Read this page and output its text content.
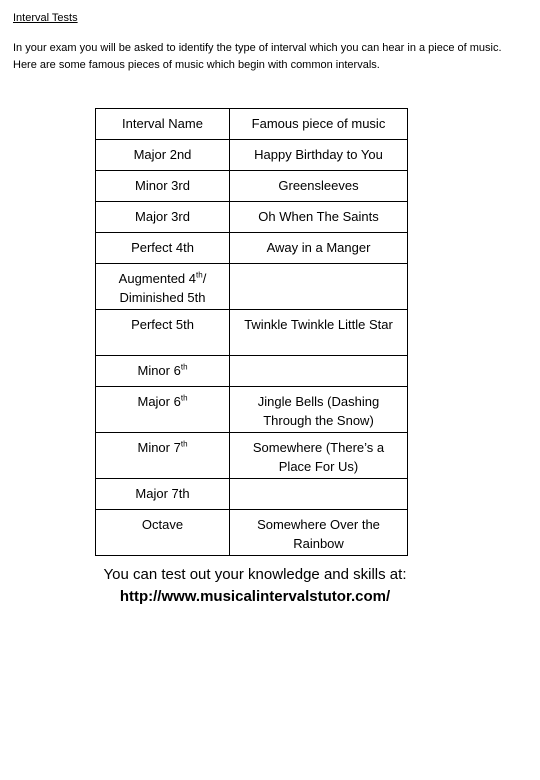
Interval Tests
In your exam you will be asked to identify the type of interval which you can hear in a piece of music. Here are some famous pieces of music which begin with common intervals.
Interval Name	Famous piece of music
Major 2nd	Happy Birthday to You
Minor 3rd	Greensleeves
Major 3rd	Oh When The Saints
Perfect 4th	Away in a Manger
Augmented 4th/
Diminished 5th	
Perfect 5th	Twinkle Twinkle Little Star
Minor 6th	
Major 6th	Jingle Bells (Dashing Through the Snow)
Minor 7th	Somewhere (There’s a Place For Us)
Major 7th	
Octave	Somewhere Over the Rainbow
You can test out your knowledge and skills at:
http://www.musicalintervalstutor.com/
